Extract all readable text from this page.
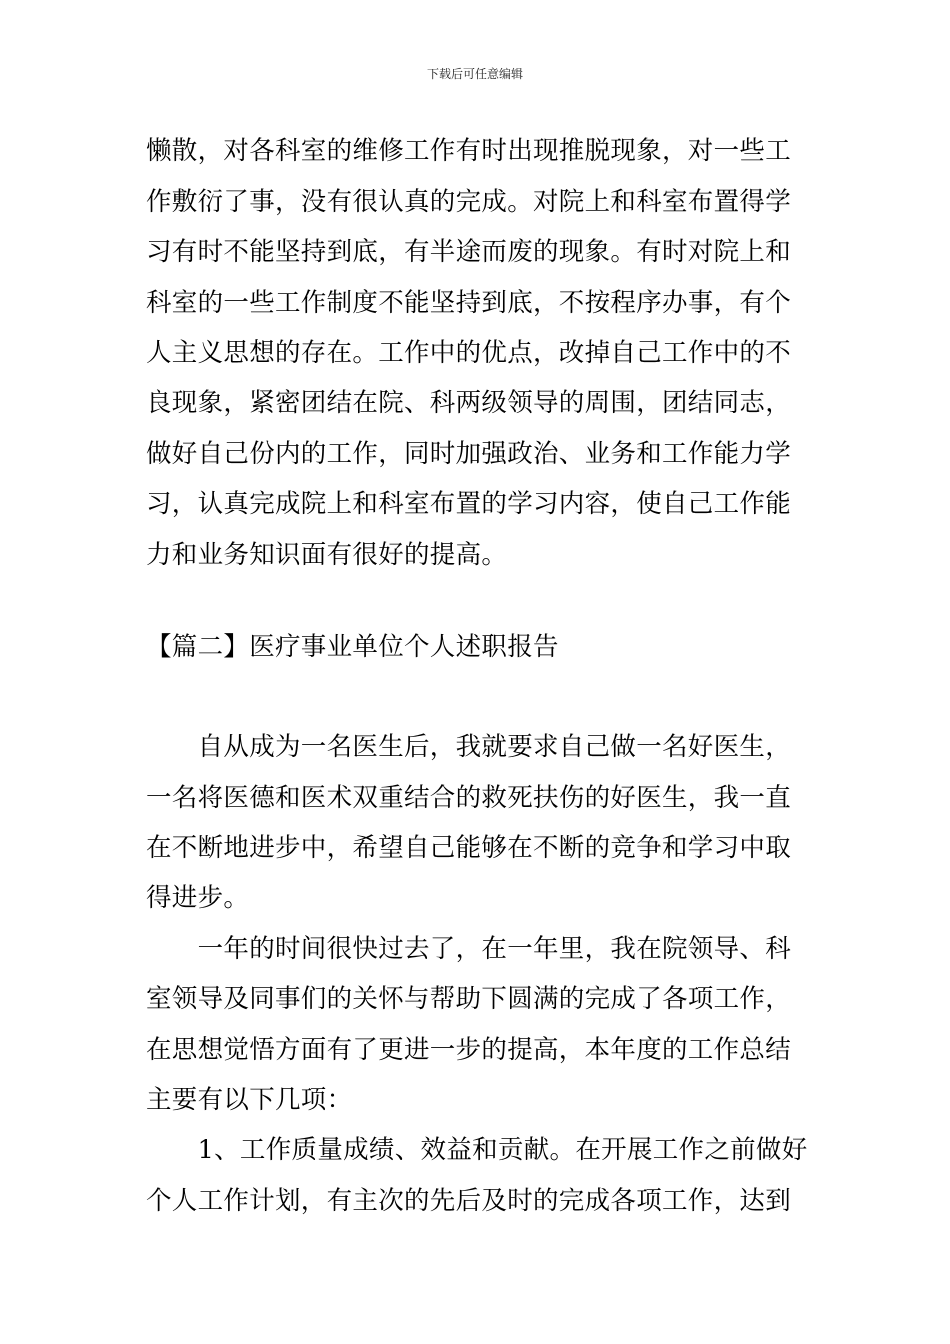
下载后可任意编辑
懒散，对各科室的维修工作有时出现推脱现象，对一些工
作敷衍了事，没有很认真的完成。对院上和科室布置得学
习有时不能坚持到底，有半途而废的现象。有时对院上和
科室的一些工作制度不能坚持到底，不按程序办事，有个
人主义思想的存在。工作中的优点，改掉自己工作中的不
良现象，紧密团结在院、科两级领导的周围，团结同志，
做好自己份内的工作，同时加强政治、业务和工作能力学
习，认真完成院上和科室布置的学习内容，使自己工作能
力和业务知识面有很好的提高。
【篇二】医疗事业单位个人述职报告
　　自从成为一名医生后，我就要求自己做一名好医生，
一名将医德和医术双重结合的救死扶伤的好医生，我一直
在不断地进步中，希望自己能够在不断的竞争和学习中取
得进步。
　　一年的时间很快过去了，在一年里，我在院领导、科
室领导及同事们的关怀与帮助下圆满的完成了各项工作，
在思想觉悟方面有了更进一步的提高，本年度的工作总结
主要有以下几项：
　　1、工作质量成绩、效益和贡献。在开展工作之前做好
个人工作计划，有主次的先后及时的完成各项工作，达到
